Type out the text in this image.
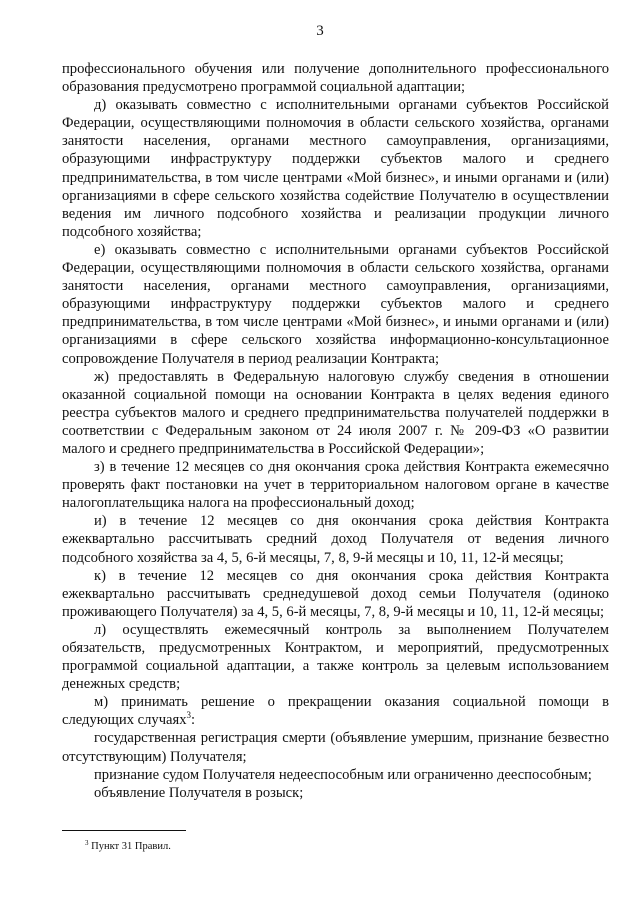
3

профессионального обучения или получение дополнительного профессионального образования предусмотрено программой социальной адаптации;

д) оказывать совместно с исполнительными органами субъектов Российской Федерации, осуществляющими полномочия в области сельского хозяйства, органами занятости населения, органами местного самоуправления, организациями, образующими инфраструктуру поддержки субъектов малого и среднего предпринимательства, в том числе центрами «Мой бизнес», и иными органами и (или) организациями в сфере сельского хозяйства содействие Получателю в осуществлении ведения им личного подсобного хозяйства и реализации продукции личного подсобного хозяйства;

е) оказывать совместно с исполнительными органами субъектов Российской Федерации, осуществляющими полномочия в области сельского хозяйства, органами занятости населения, органами местного самоуправления, организациями, образующими инфраструктуру поддержки субъектов малого и среднего предпринимательства, в том числе центрами «Мой бизнес», и иными органами и (или) организациями в сфере сельского хозяйства информационно-консультационное сопровождение Получателя в период реализации Контракта;

ж) предоставлять в Федеральную налоговую службу сведения в отношении оказанной социальной помощи на основании Контракта в целях ведения единого реестра субъектов малого и среднего предпринимательства получателей поддержки в соответствии с Федеральным законом от 24 июля 2007 г. № 209-ФЗ «О развитии малого и среднего предпринимательства в Российской Федерации»;

з) в течение 12 месяцев со дня окончания срока действия Контракта ежемесячно проверять факт постановки на учет в территориальном налоговом органе в качестве налогоплательщика налога на профессиональный доход;

и) в течение 12 месяцев со дня окончания срока действия Контракта ежеквартально рассчитывать средний доход Получателя от ведения личного подсобного хозяйства за 4, 5, 6-й месяцы, 7, 8, 9-й месяцы и 10, 11, 12-й месяцы;

к) в течение 12 месяцев со дня окончания срока действия Контракта ежеквартально рассчитывать среднедушевой доход семьи Получателя (одиноко проживающего Получателя) за 4, 5, 6-й месяцы, 7, 8, 9-й месяцы и 10, 11, 12-й месяцы;

л) осуществлять ежемесячный контроль за выполнением Получателем обязательств, предусмотренных Контрактом, и мероприятий, предусмотренных программой социальной адаптации, а также контроль за целевым использованием денежных средств;

м) принимать решение о прекращении оказания социальной помощи в следующих случаях$^3$:

государственная регистрация смерти (объявление умершим, признание безвестно отсутствующим) Получателя;

признание судом Получателя недееспособным или ограниченно дееспособным;

объявление Получателя в розыск;

$^3$ Пункт 31 Правил.
